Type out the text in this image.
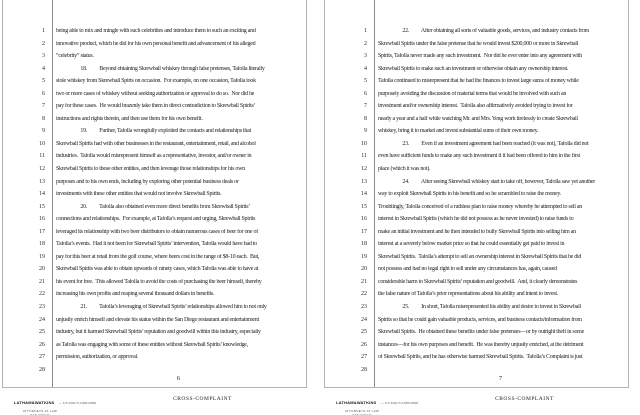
1	being able to mix and mingle with such celebrities and introduce them to such an exciting and
2	innovative product, which he did for his own personal benefit and advancement of his alleged
3	“celebrity” status.
4	18.          Beyond obtaining Skrewball whiskey through false pretenses, Tafolla literally
5	stole whiskey from Skrewball Spirts on occasion.  For example, on one occasion, Tafolla took
6	two or more cases of whiskey without seeking authorization or approval to do so.  Nor did he
7	pay for these cases.  He would brazenly take them in direct contradiction to Skrewball Spirits’
8	instructions and rights therein, and then use them for his own benefit.
9	19.          Further, Tafolla wrongfully exploited the contacts and relationships that
10	Skrewball Spirits had with other businesses in the restaurant, entertainment, retail, and alcohol
11	industries.  Tafolla would misrepresent himself as a representative, investor, and/or owner in
12	Skrewball Spirits to these other entities, and then leverage those relationships for his own
13	purposes and to his own ends, including by exploring other potential business deals or
14	investments with these other entities that would not involve Skrewball Spirits.
15	20.          Tafolla also obtained even more direct benefits from Skrewball Spirits’
16	connections and relationships.  For example, at Tafolla’s request and urging, Skrewball Spirits
17	leveraged its relationship with two beer distributors to obtain numerous cases of beer for one of
18	Tafolla’s events.  Had it not been for Skrewball Spirits’ intervention, Tafolla would have had to
19	pay for this beer at retail from the golf course, where beers cost in the range of $8-10 each.  But,
20	Skrewball Spirits was able to obtain upwards of ninety cases, which Tafolla was able to have at
21	his event for free.  This allowed Tafolla to avoid the costs of purchasing the beer himself, thereby
22	increasing his own profits and reaping several thousand dollars in benefits.
23	21.          Tafolla’s leveraging of Skrewball Spirits’ relationships allowed him to not only
24	unjustly enrich himself and elevate his status within the San Diego restaurant and entertainment
25	industry, but it harmed Skrewball Spirits’ reputation and goodwill within this industry, especially
26	as Tafolla was engaging with some of these entities without Skrewball Spirits’ knowledge,
27	permission, authorization, or approval.
28
6
LATHAM&WATKINS — US-DOCS\108910892
ATTORNEYS AT LAW
SAN DIEGO
CROSS-COMPLAINT
1	22.          After obtaining all sorts of valuable goods, services, and industry contacts from
2	Skrewball Spirits under the false pretense that he would invest $200,000 or more in Skrewball
3	Spirits, Tafolla never made any such investment.  Nor did he ever enter into any agreement with
4	Skrewball Spirits to make such an investment or otherwise obtain any ownership interest.
5	Tafolla continued to misrepresent that he had the finances to invest large sums of money while
6	purposely avoiding the discussion of material terms that would be involved with such an
7	investment and/or ownership interest.  Tafolla also affirmatively avoided trying to invest for
8	nearly a year and a half while watching Mr. and Mrs. Yeng work tirelessly to create Skrewball
9	whiskey, bring it to market and invest substantial sums of their own money.
10	23.          Even if an investment agreement had been reached (it was not), Tafolla did not
11	even have sufficient funds to make any such investment if it had been offered to him in the first
12	place (which it was not).
13	24.          After seeing Skrewball whiskey start to take off, however, Tafolla saw yet another
14	way to exploit Skrewball Spirits to his benefit and so he scrambled to raise the money.
15	Troublingly, Tafolla conceived of a ruthless plan to raise money whereby he attempted to sell an
16	interest in Skrewball Spirits (which he did not possess as he never invested) to raise funds to
17	make an initial investment and he then intended to bully Skrewball Spirits into selling him an
18	interest at a severely below market price so that he could essentially get paid to invest in
19	Skrewball Spirits.  Tafolla’s attempt to sell an ownership interest in Skrewball Spirits that he did
20	not possess and had no legal right to sell under any circumstances has, again, caused
21	considerable harm to Skrewball Spirits’ reputation and goodwill.  And, it clearly demonstrates
22	the false nature of Tafolla’s prior representations about his ability and intent to invest.
23	25.          In short, Tafolla misrepresented his ability and desire to invest in Skrewball
24	Spirits so that he could gain valuable products, services, and business contacts/information from
25	Skrewball Spirits.  He obtained these benefits under false pretenses—or by outright theft in some
26	instances—for his own purposes and benefit.  He was thereby unjustly enriched, at the detriment
27	of Skrewball Spirits, and he has otherwise harmed Skrewball Spirits.  Tafolla’s Complaint is just
28
7
LATHAM&WATKINS — US-DOCS\108910892
ATTORNEYS AT LAW
SAN DIEGO
CROSS-COMPLAINT
